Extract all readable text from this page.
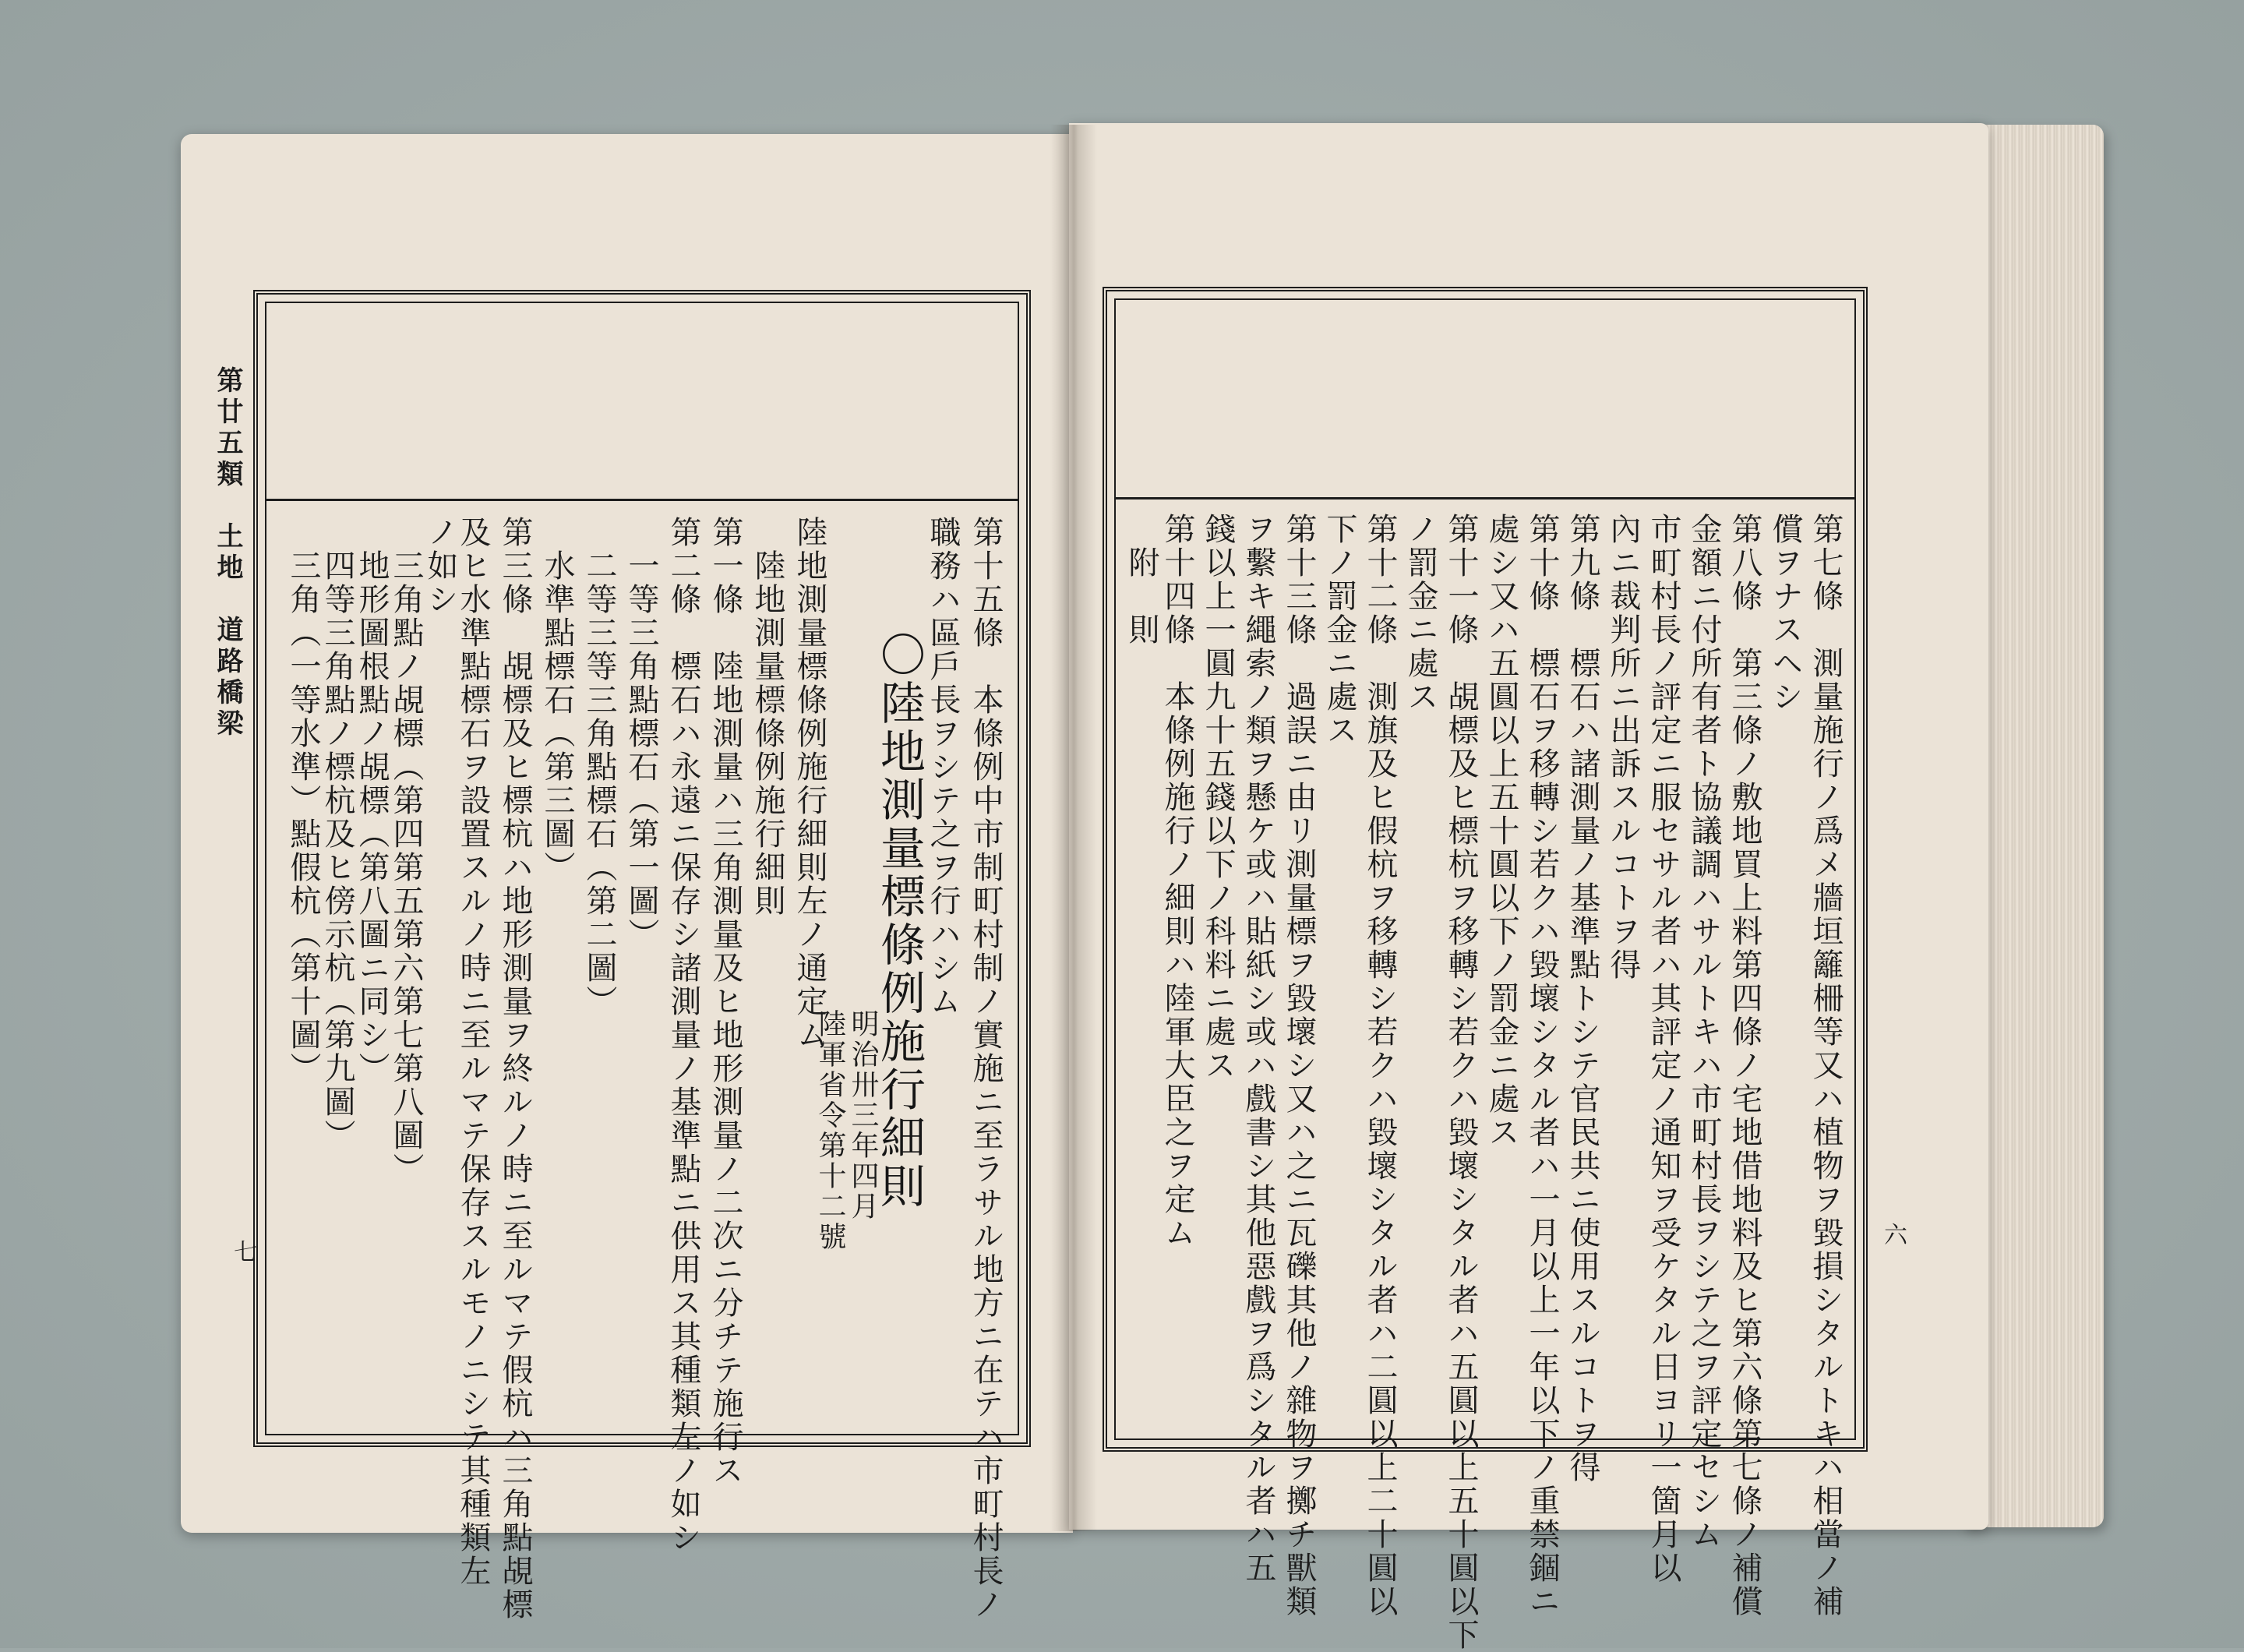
第廿五類　土地　道路橋梁
七	第十五條　本條例中市制町村制ノ實施ニ至ラサル地方ニ在テハ市町村長ノ
職務ハ區戶長ヲシテ之ヲ行ハシム
〇陸地測量標條例施行細則
明治卅三年四月
陸軍省令第十二號
陸地測量標條例施行細則左ノ通定ム
　陸地測量標條例施行細則
第一條　陸地測量ハ三角測量及ヒ地形測量ノ二次ニ分チテ施行ス
第二條　標石ハ永遠ニ保存シ諸測量ノ基準點ニ供用ス其種類左ノ如シ
　一等三角點標石（第一圖）
　二等三等三角點標石（第二圖）
　水準點標石（第三圖）
第三條　覘標及ヒ標杭ハ地形測量ヲ終ルノ時ニ至ルマテ假杭ハ三角點覘標
及ヒ水準點標石ヲ設置スルノ時ニ至ルマテ保存スルモノニシテ其種類左
ノ如シ
　三角點ノ覘標（第四第五第六第七第八圖）
　地形圖根點ノ覘標（第八圖ニ同シ）
　四等三角點ノ標杭及ヒ傍示杭（第九圖）
　三角（一等水準）點假杭（第十圖）
六
第七條　測量施行ノ爲メ牆垣籬柵等又ハ植物ヲ毀損シタルトキハ相當ノ補
償ヲナスヘシ
第八條　第三條ノ敷地買上料第四條ノ宅地借地料及ヒ第六條第七條ノ補償
金額ニ付所有者ト協議調ハサルトキハ市町村長ヲシテ之ヲ評定セシム
市町村長ノ評定ニ服セサル者ハ其評定ノ通知ヲ受ケタル日ヨリ一箇月以
內ニ裁判所ニ出訴スルコトヲ得
第九條　標石ハ諸測量ノ基準點トシテ官民共ニ使用スルコトヲ得
第十條　標石ヲ移轉シ若クハ毀壞シタル者ハ一月以上一年以下ノ重禁錮ニ
處シ又ハ五圓以上五十圓以下ノ罰金ニ處ス
第十一條　覘標及ヒ標杭ヲ移轉シ若クハ毀壞シタル者ハ五圓以上五十圓以下
ノ罰金ニ處ス
第十二條　測旗及ヒ假杭ヲ移轉シ若クハ毀壞シタル者ハ二圓以上二十圓以
下ノ罰金ニ處ス
第十三條　過誤ニ由リ測量標ヲ毀壞シ又ハ之ニ瓦礫其他ノ雜物ヲ擲チ獸類
ヲ繫キ繩索ノ類ヲ懸ケ或ハ貼紙シ或ハ戲書シ其他惡戲ヲ爲シタル者ハ五
錢以上一圓九十五錢以下ノ科料ニ處ス
第十四條　本條例施行ノ細則ハ陸軍大臣之ヲ定ム
　附　則
